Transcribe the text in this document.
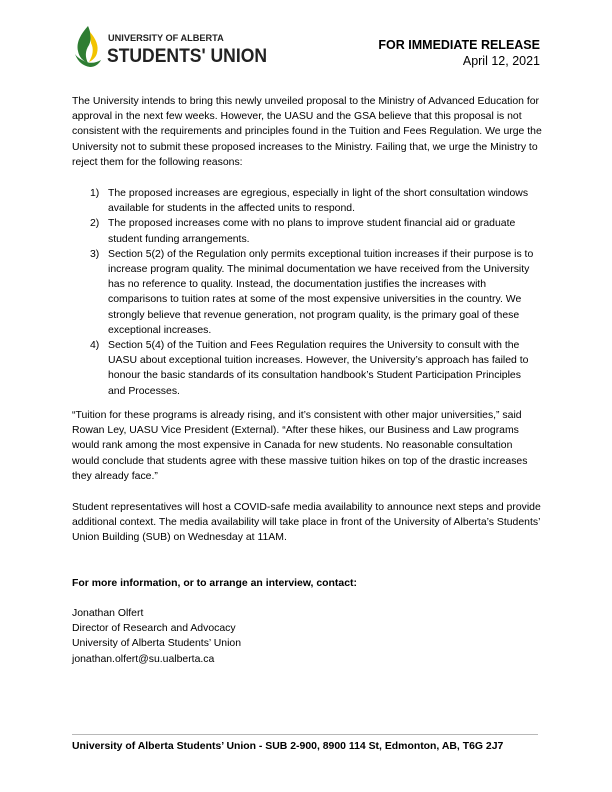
UNIVERSITY OF ALBERTA
STUDENTS' UNION	FOR IMMEDIATE RELEASE
April 12, 2021
The University intends to bring this newly unveiled proposal to the Ministry of Advanced Education for approval in the next few weeks. However, the UASU and the GSA believe that this proposal is not consistent with the requirements and principles found in the Tuition and Fees Regulation. We urge the University not to submit these proposed increases to the Ministry. Failing that, we urge the Ministry to reject them for the following reasons:
1) The proposed increases are egregious, especially in light of the short consultation windows available for students in the affected units to respond.
2) The proposed increases come with no plans to improve student financial aid or graduate student funding arrangements.
3) Section 5(2) of the Regulation only permits exceptional tuition increases if their purpose is to increase program quality. The minimal documentation we have received from the University has no reference to quality. Instead, the documentation justifies the increases with comparisons to tuition rates at some of the most expensive universities in the country. We strongly believe that revenue generation, not program quality, is the primary goal of these exceptional increases.
4) Section 5(4) of the Tuition and Fees Regulation requires the University to consult with the UASU about exceptional tuition increases. However, the University’s approach has failed to honour the basic standards of its consultation handbook’s Student Participation Principles and Processes.
“Tuition for these programs is already rising, and it’s consistent with other major universities,” said Rowan Ley, UASU Vice President (External). “After these hikes, our Business and Law programs would rank among the most expensive in Canada for new students. No reasonable consultation would conclude that students agree with these massive tuition hikes on top of the drastic increases they already face.”
Student representatives will host a COVID-safe media availability to announce next steps and provide additional context. The media availability will take place in front of the University of Alberta’s Students’ Union Building (SUB) on Wednesday at 11AM.
For more information, or to arrange an interview, contact:
Jonathan Olfert
Director of Research and Advocacy
University of Alberta Students’ Union
jonathan.olfert@su.ualberta.ca
University of Alberta Students’ Union - SUB 2-900, 8900 114 St, Edmonton, AB, T6G 2J7
